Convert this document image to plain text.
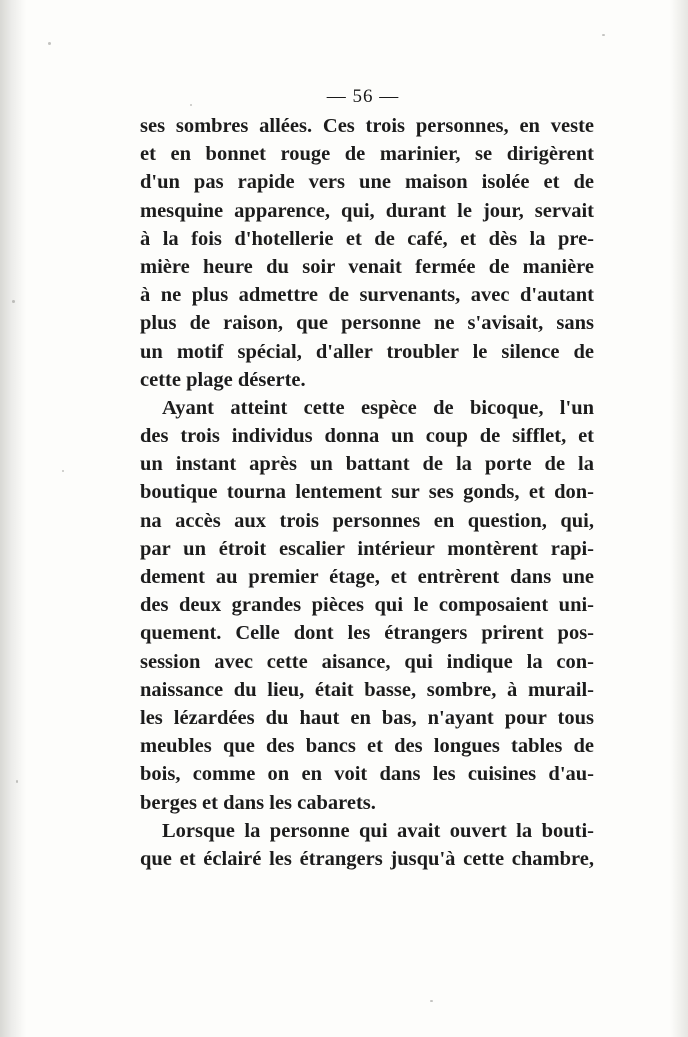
— 56 —
ses sombres allées. Ces trois personnes, en veste
et en bonnet rouge de marinier, se dirigèrent
d'un pas rapide vers une maison isolée et de
mesquine apparence, qui, durant le jour, servait
à la fois d'hotellerie et de café, et dès la pre-
mière heure du soir venait fermée de manière
à ne plus admettre de survenants, avec d'autant
plus de raison, que personne ne s'avisait, sans
un motif spécial, d'aller troubler le silence de
cette plage déserte.
Ayant atteint cette espèce de bicoque, l'un
des trois individus donna un coup de sifflet, et
un instant après un battant de la porte de la
boutique tourna lentement sur ses gonds, et don-
na accès aux trois personnes en question, qui,
par un étroit escalier intérieur montèrent rapi-
dement au premier étage, et entrèrent dans une
des deux grandes pièces qui le composaient uni-
quement. Celle dont les étrangers prirent pos-
session avec cette aisance, qui indique la con-
naissance du lieu, était basse, sombre, à murail-
les lézardées du haut en bas, n'ayant pour tous
meubles que des bancs et des longues tables de
bois, comme on en voit dans les cuisines d'au-
berges et dans les cabarets.
Lorsque la personne qui avait ouvert la bouti-
que et éclairé les étrangers jusqu'à cette chambre,
